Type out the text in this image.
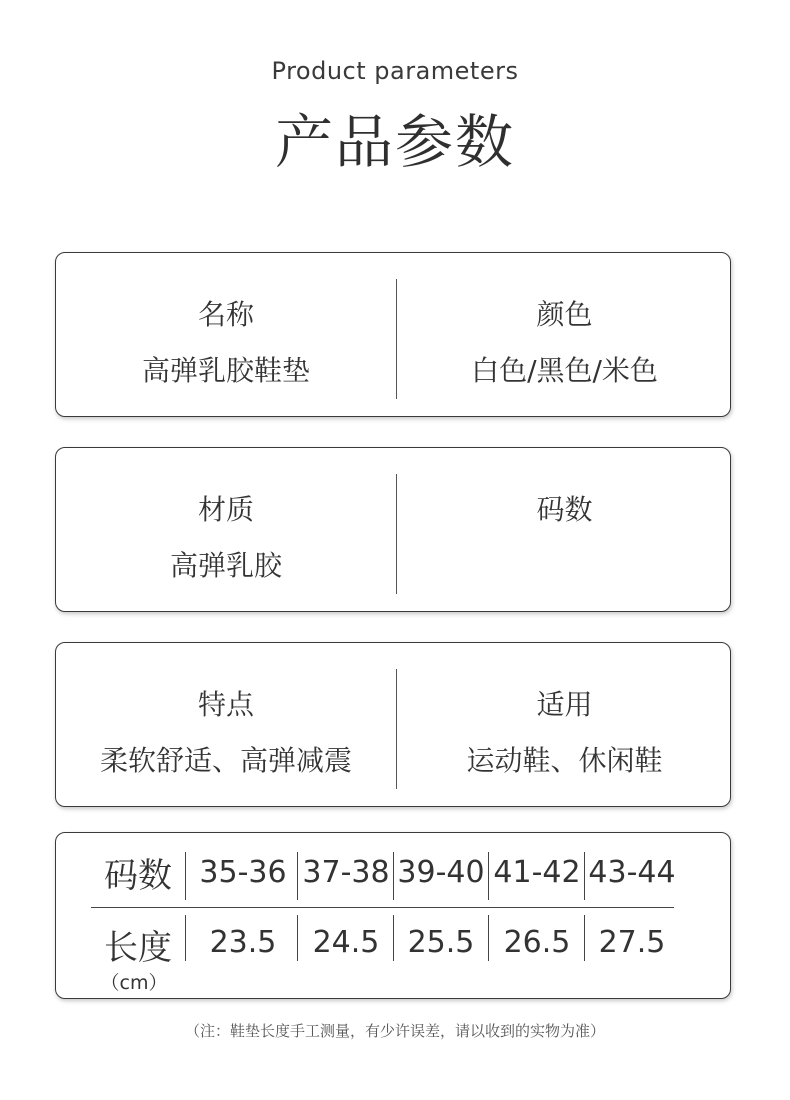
Product parameters
产品参数
名称
高弹乳胶鞋垫
颜色
白色/黑色/米色
材质
高弹乳胶
码数
特点
柔软舒适、高弹减震
适用
运动鞋、休闲鞋
码数
长度
（cm）
35-36 37-38 39-40 41-42 43-44
23.5	24.5 25.5 26.5 27.5
（注：鞋垫长度手工测量，有少许误差，请以收到的实物为准）
